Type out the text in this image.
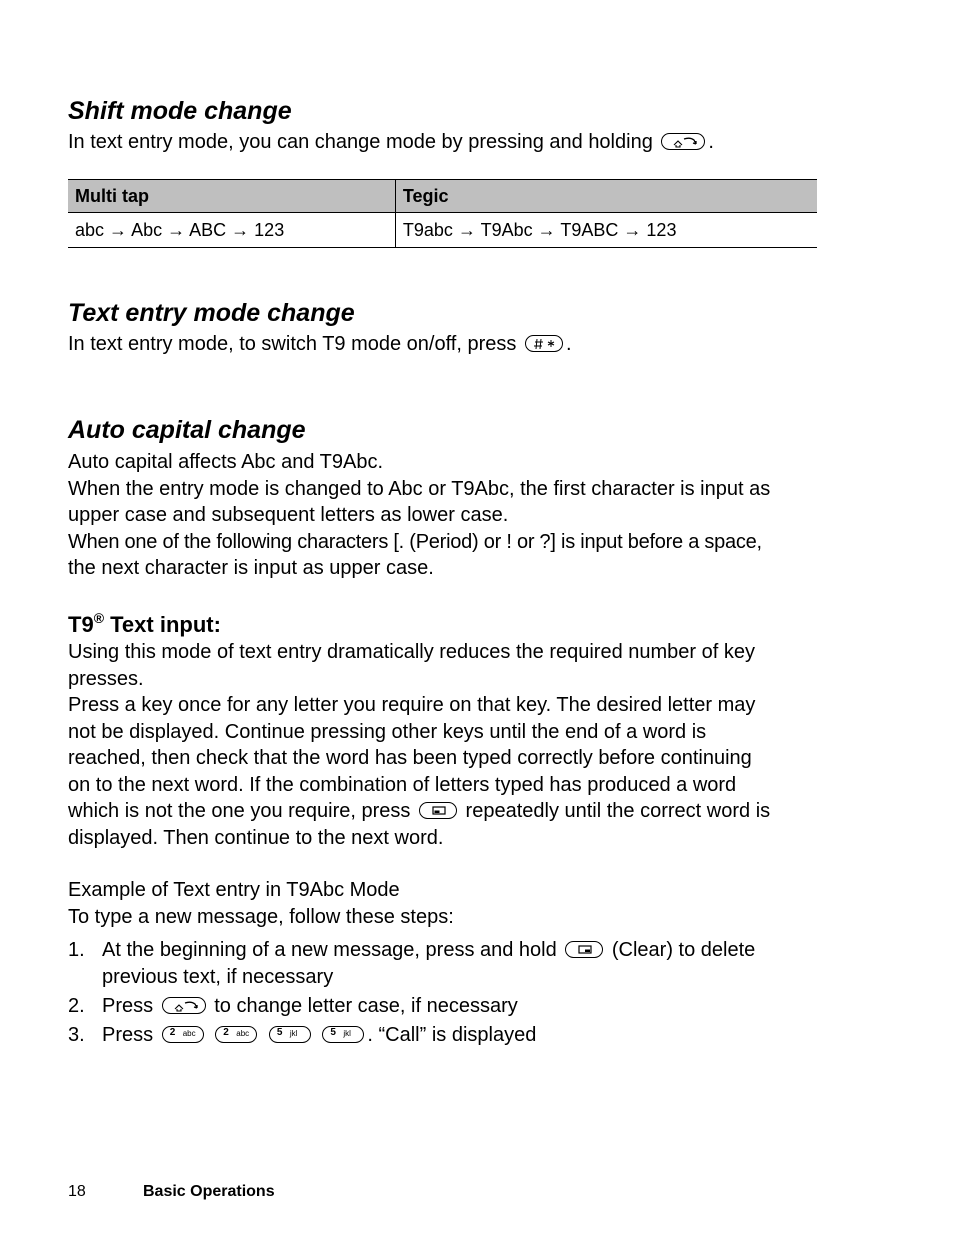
Shift mode change

In text entry mode, you can change mode by pressing and holding	.

Multi tap	Tegic
abc → Abc → ABC → 123	T9abc → T9Abc → T9ABC → 123
Text entry mode change

In text entry mode, to switch T9 mode on/off, press .

Auto capital change

Auto capital affects Abc and T9Abc.
When the entry mode is changed to Abc or T9Abc, the first character is input as
upper case and subsequent letters as lower case.
When one of the following characters [. (Period) or ! or ?] is input before a space,
the next character is input as upper case.

T9® Text input:

Using this mode of text entry dramatically reduces the required number of key
presses.
Press a key once for any letter you require on that key. The desired letter may
not be displayed. Continue pressing other keys until the end of a word is
reached, then check that the word has been typed correctly before continuing
on to the next word. If the combination of letters typed has produced a word
which is not the one you require, press	repeatedly until the correct word is
displayed. Then continue to the next word.

Example of Text entry in T9Abc Mode
To type a new message, follow these steps:

1. At the beginning of a new message, press and hold	(Clear) to delete
previous text, if necessary
2. Press	to change letter case, if necessary
3. Press 2 abc
	2 abc
	5 jkl
	5 jkl . “Call” is displayed
18	Basic Operations
